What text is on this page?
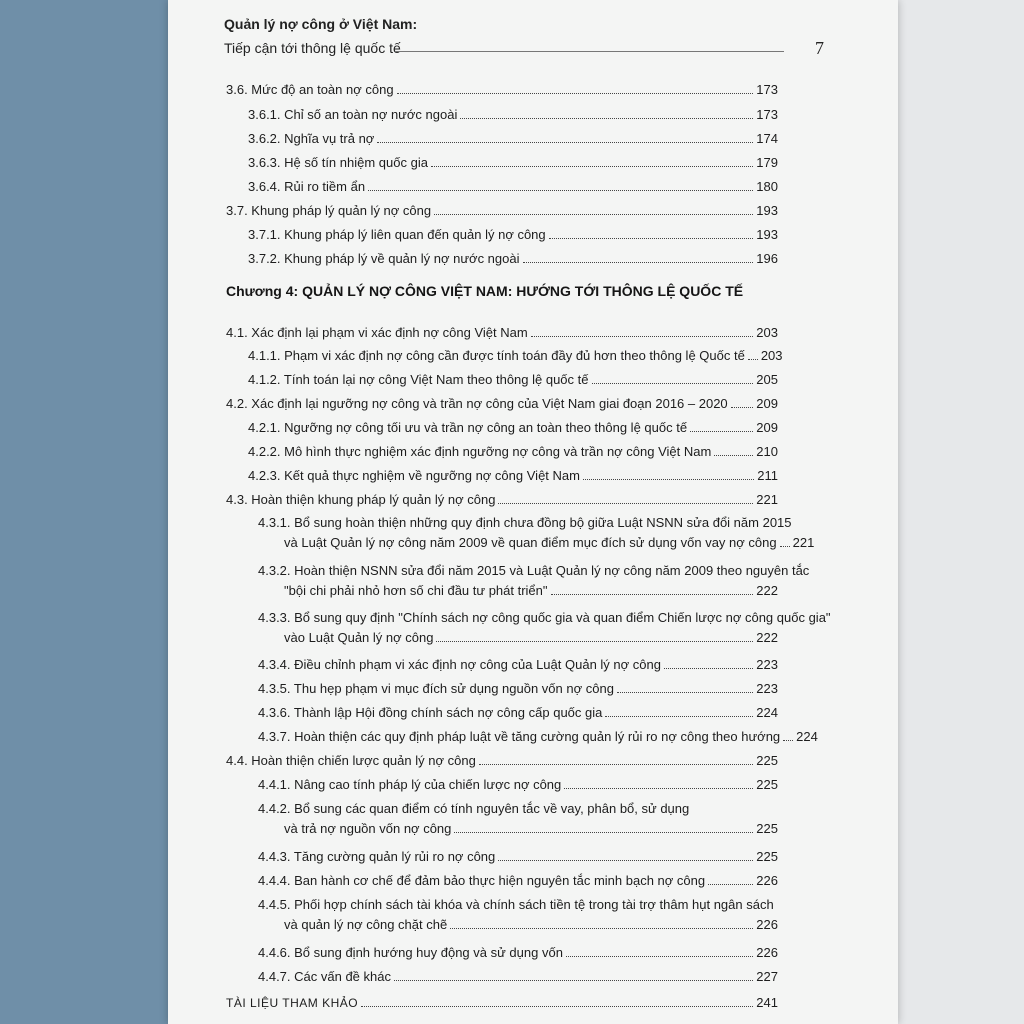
Quản lý nợ công ở Việt Nam:
Tiếp cận tới thông lệ quốc tế	7
3.6. Mức độ an toàn nợ công	173
3.6.1. Chỉ số an toàn nợ nước ngoài	173
3.6.2. Nghĩa vụ trả nợ	174
3.6.3. Hệ số tín nhiệm quốc gia	179
3.6.4. Rủi ro tiềm ẩn	180
3.7. Khung pháp lý quản lý nợ công	193
3.7.1. Khung pháp lý liên quan đến quản lý nợ công	193
3.7.2. Khung pháp lý về quản lý nợ nước ngoài	196
Chương 4: QUẢN LÝ NỢ CÔNG VIỆT NAM: HƯỚNG TỚI THÔNG LỆ QUỐC TẾ
4.1. Xác định lại phạm vi xác định nợ công Việt Nam	203
4.1.1. Phạm vi xác định nợ công cần được tính toán đầy đủ hơn theo thông lệ Quốc tế 203
4.1.2. Tính toán lại nợ công Việt Nam theo thông lệ quốc tế	205
4.2. Xác định lại ngưỡng nợ công và trần nợ công của Việt Nam giai đoạn 2016 – 2020 209
4.2.1. Ngưỡng nợ công tối ưu và trần nợ công an toàn theo thông lệ quốc tế	209
4.2.2. Mô hình thực nghiệm xác định ngưỡng nợ công và trần nợ công Việt Nam	210
4.2.3. Kết quả thực nghiệm về ngưỡng nợ công Việt Nam	211
4.3. Hoàn thiện khung pháp lý quản lý nợ công	221
4.3.1. Bổ sung hoàn thiện những quy định chưa đồng bộ giữa Luật NSNN sửa đổi năm 2015
và Luật Quản lý nợ công năm 2009 về quan điểm mục đích sử dụng vốn vay nợ công 221
4.3.2. Hoàn thiện NSNN sửa đổi năm 2015 và Luật Quản lý nợ công năm 2009 theo nguyên tắc
"bội chi phải nhỏ hơn số chi đầu tư phát triển"	222
4.3.3. Bổ sung quy định "Chính sách nợ công quốc gia và quan điểm Chiến lược nợ công quốc gia"
vào Luật Quản lý nợ công	222
4.3.4. Điều chỉnh phạm vi xác định nợ công của Luật Quản lý nợ công	223
4.3.5. Thu hẹp phạm vi mục đích sử dụng nguồn vốn nợ công	223
4.3.6. Thành lập Hội đồng chính sách nợ công cấp quốc gia	224
4.3.7. Hoàn thiện các quy định pháp luật về tăng cường quản lý rủi ro nợ công theo hướng 224
4.4. Hoàn thiện chiến lược quản lý nợ công	225
4.4.1. Nâng cao tính pháp lý của chiến lược nợ công	225
4.4.2. Bổ sung các quan điểm có tính nguyên tắc về vay, phân bổ, sử dụng
và trả nợ nguồn vốn nợ công	225
4.4.3. Tăng cường quản lý rủi ro nợ công	225
4.4.4. Ban hành cơ chế để đảm bảo thực hiện nguyên tắc minh bạch nợ công	226
4.4.5. Phối hợp chính sách tài khóa và chính sách tiền tệ trong tài trợ thâm hụt ngân sách
và quản lý nợ công chặt chẽ	226
4.4.6. Bổ sung định hướng huy động và sử dụng vốn	226
4.4.7. Các vấn đề khác	227
TÀI LIỆU THAM KHẢO	241
